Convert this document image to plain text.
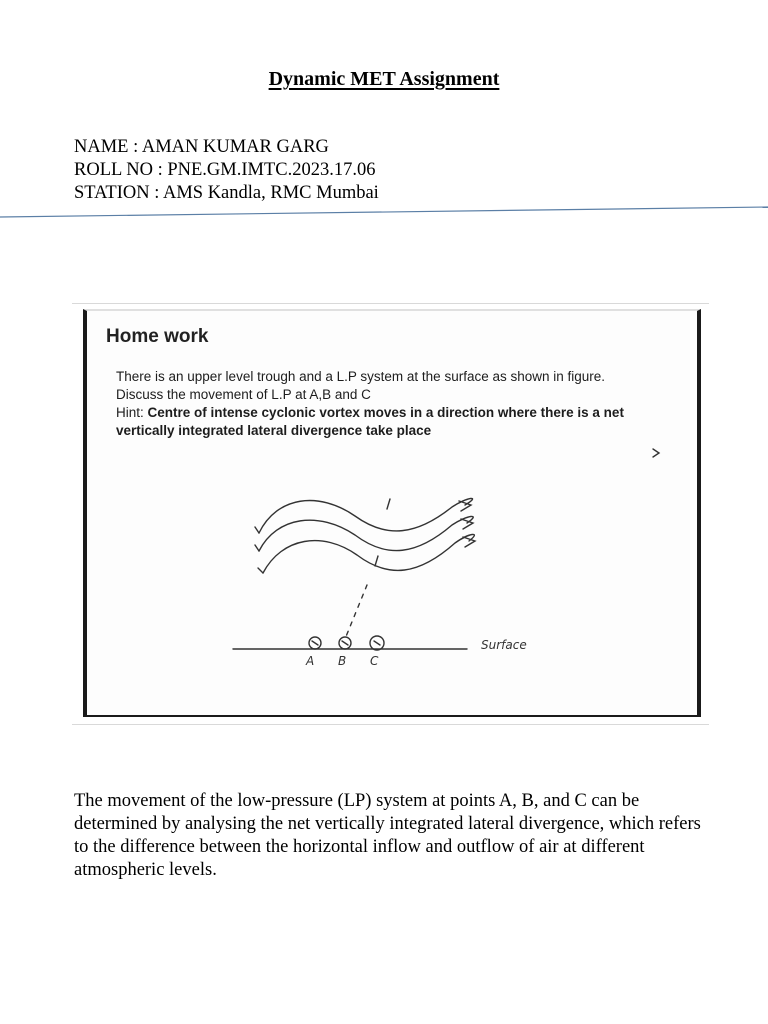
Dynamic MET Assignment
NAME : AMAN KUMAR GARG
ROLL NO : PNE.GM.IMTC.2023.17.06
STATION : AMS Kandla, RMC Mumbai
Home work
There is an upper level trough and a L.P system at the surface as shown in figure.
Discuss the movement of L.P at A,B and C
Hint: Centre of intense cyclonic vortex moves in a direction where there is a net vertically integrated lateral divergence take place
A B C
Surface
The movement of the low-pressure (LP) system at points A, B, and C can be determined by analysing the net vertically integrated lateral divergence, which refers to the difference between the horizontal inflow and outflow of air at different atmospheric levels.
